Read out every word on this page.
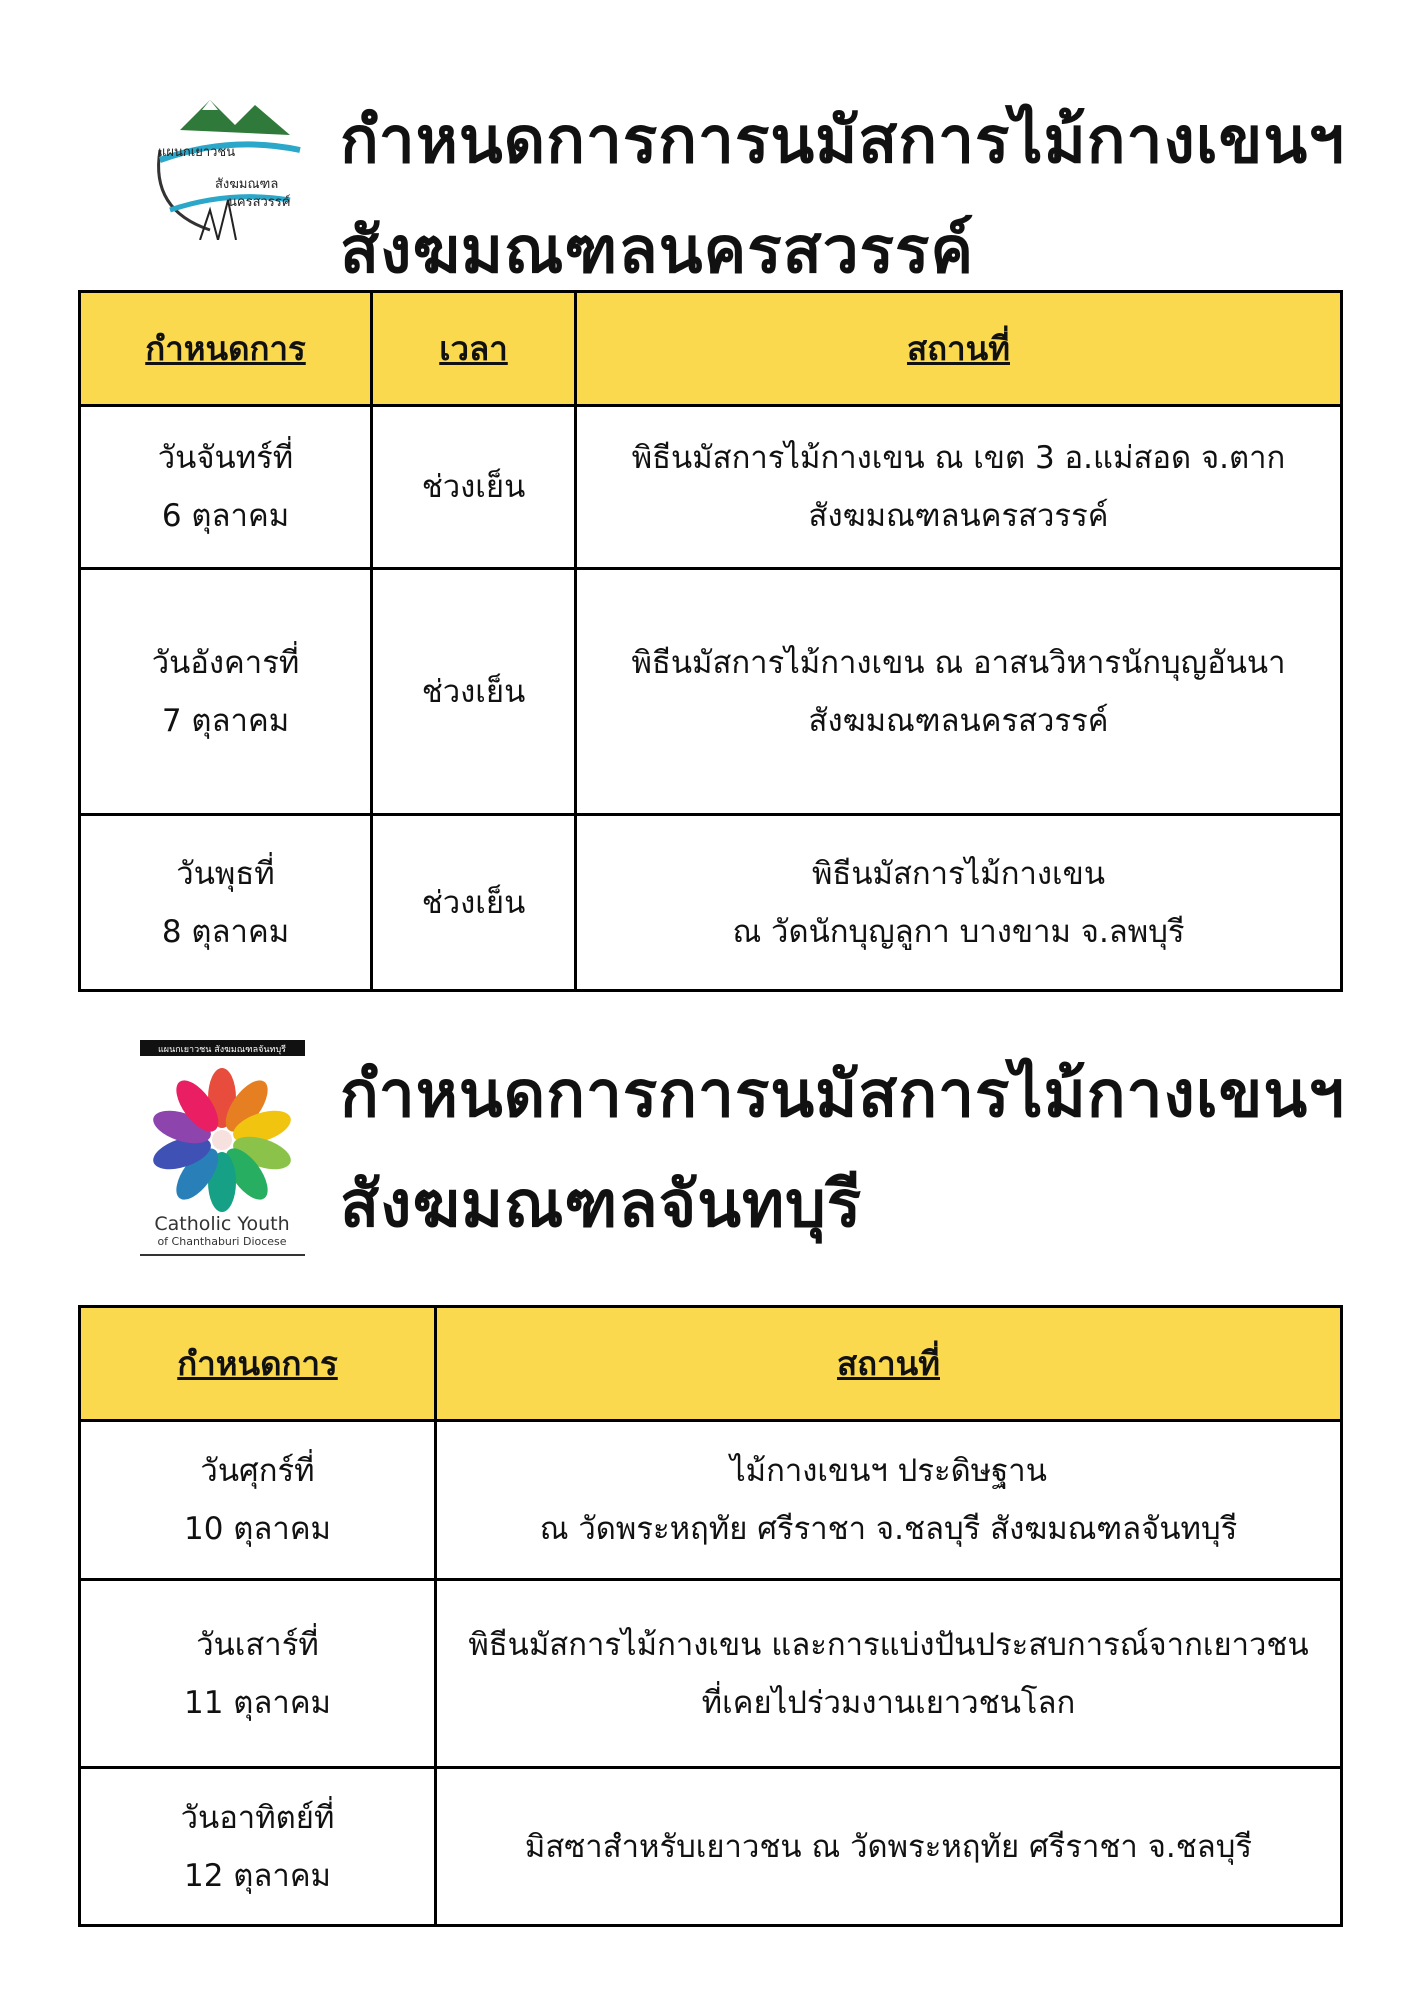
แผนกเยาวชน
สังฆมณฑล
นครสวรรค์
กำหนดการการนมัสการไม้กางเขนฯ
สังฆมณฑลนครสวรรค์
กำหนดการ	เวลา	สถานที่

วันจันทร์ที่
6 ตุลาคม	ช่วงเย็น	พิธีนมัสการไม้กางเขน ณ เขต 3 อ.แม่สอด จ.ตาก
สังฆมณฑลนครสวรรค์

วันอังคารที่
7 ตุลาคม	ช่วงเย็น	พิธีนมัสการไม้กางเขน ณ อาสนวิหารนักบุญอันนา
สังฆมณฑลนครสวรรค์

วันพุธที่
8 ตุลาคม	ช่วงเย็น	พิธีนมัสการไม้กางเขน
ณ วัดนักบุญลูกา บางขาม จ.ลพบุรี
แผนกเยาวชน สังฆมณฑลจันทบุรี
Catholic Youth
of Chanthaburi Diocese
กำหนดการการนมัสการไม้กางเขนฯ
สังฆมณฑลจันทบุรี
กำหนดการ	สถานที่

วันศุกร์ที่
10 ตุลาคม	ไม้กางเขนฯ ประดิษฐาน
ณ วัดพระหฤทัย ศรีราชา จ.ชลบุรี สังฆมณฑลจันทบุรี

วันเสาร์ที่
11 ตุลาคม	พิธีนมัสการไม้กางเขน และการแบ่งปันประสบการณ์จากเยาวชน
ที่เคยไปร่วมงานเยาวชนโลก

วันอาทิตย์ที่
12 ตุลาคม	มิสซาสำหรับเยาวชน ณ วัดพระหฤทัย ศรีราชา จ.ชลบุรี
